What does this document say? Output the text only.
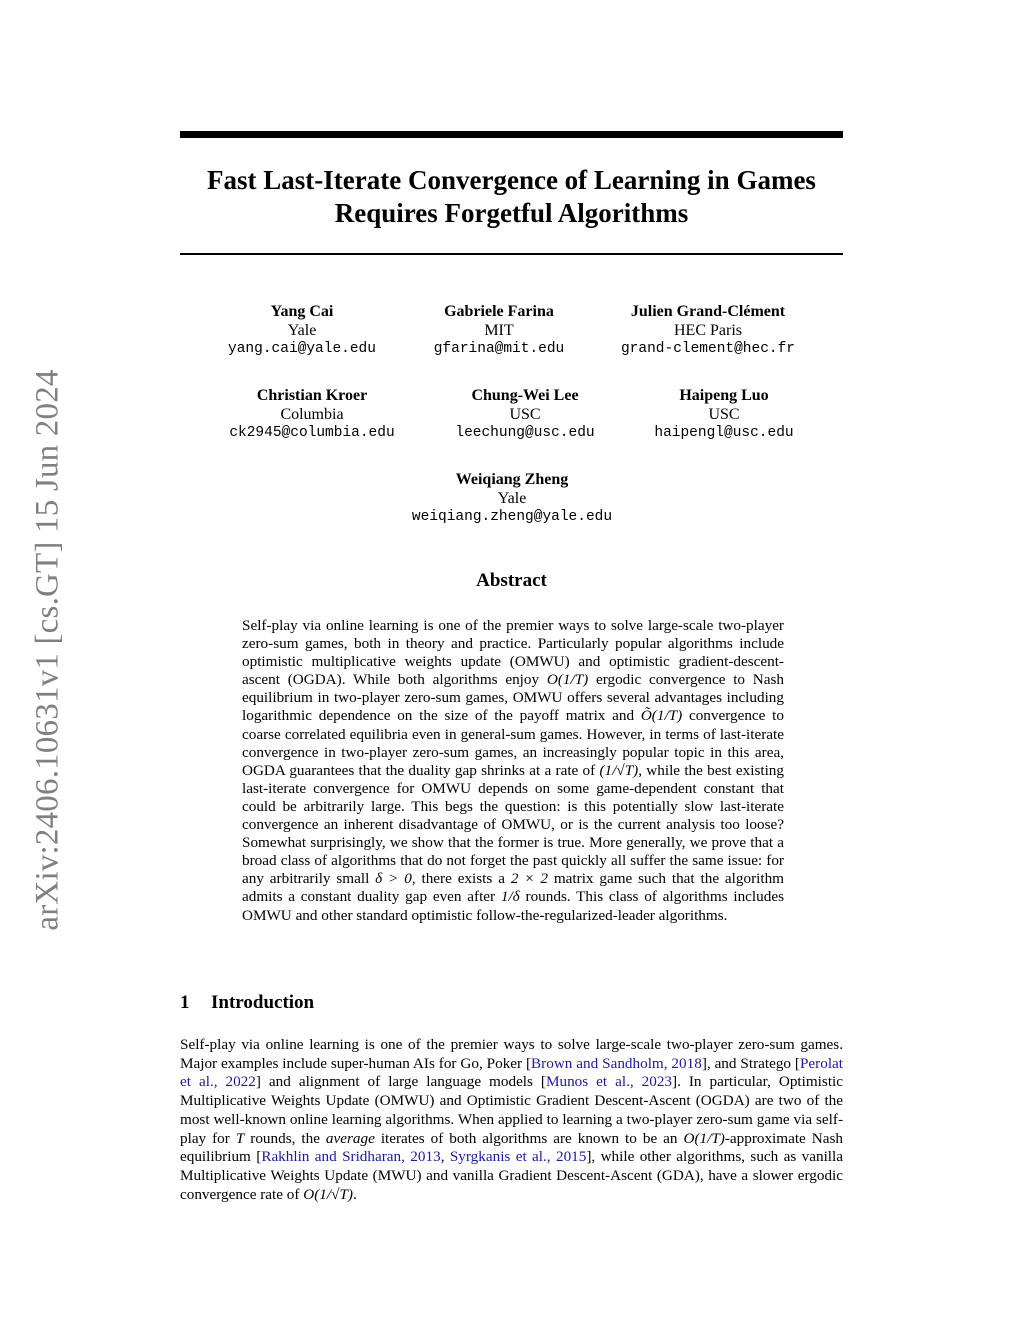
arXiv:2406.10631v1 [cs.GT] 15 Jun 2024
Fast Last-Iterate Convergence of Learning in Games
Requires Forgetful Algorithms
Yang Cai
Yale
yang.cai@yale.edu
Gabriele Farina
MIT
gfarina@mit.edu
Julien Grand-Clément
HEC Paris
grand-clement@hec.fr
Christian Kroer
Columbia
ck2945@columbia.edu
Chung-Wei Lee
USC
leechung@usc.edu
Haipeng Luo
USC
haipengl@usc.edu
Weiqiang Zheng
Yale
weiqiang.zheng@yale.edu
Abstract
Self-play via online learning is one of the premier ways to solve large-scale two-player zero-sum games, both in theory and practice. Particularly popular algorithms include optimistic multiplicative weights update (OMWU) and optimistic gradient-descent-ascent (OGDA). While both algorithms enjoy O(1/T) ergodic convergence to Nash equilibrium in two-player zero-sum games, OMWU offers several advantages including logarithmic dependence on the size of the payoff matrix and Õ(1/T) convergence to coarse correlated equilibria even in general-sum games. However, in terms of last-iterate convergence in two-player zero-sum games, an increasingly popular topic in this area, OGDA guarantees that the duality gap shrinks at a rate of (1/√T), while the best existing last-iterate convergence for OMWU depends on some game-dependent constant that could be arbitrarily large. This begs the question: is this potentially slow last-iterate convergence an inherent disadvantage of OMWU, or is the current analysis too loose? Somewhat surprisingly, we show that the former is true. More generally, we prove that a broad class of algorithms that do not forget the past quickly all suffer the same issue: for any arbitrarily small δ > 0, there exists a 2 × 2 matrix game such that the algorithm admits a constant duality gap even after 1/δ rounds. This class of algorithms includes OMWU and other standard optimistic follow-the-regularized-leader algorithms.
1 Introduction
Self-play via online learning is one of the premier ways to solve large-scale two-player zero-sum games. Major examples include super-human AIs for Go, Poker [Brown and Sandholm, 2018], and Stratego [Perolat et al., 2022] and alignment of large language models [Munos et al., 2023]. In particular, Optimistic Multiplicative Weights Update (OMWU) and Optimistic Gradient Descent-Ascent (OGDA) are two of the most well-known online learning algorithms. When applied to learning a two-player zero-sum game via self-play for T rounds, the average iterates of both algorithms are known to be an O(1/T)-approximate Nash equilibrium [Rakhlin and Sridharan, 2013, Syrgkanis et al., 2015], while other algorithms, such as vanilla Multiplicative Weights Update (MWU) and vanilla Gradient Descent-Ascent (GDA), have a slower ergodic convergence rate of O(1/√T).
